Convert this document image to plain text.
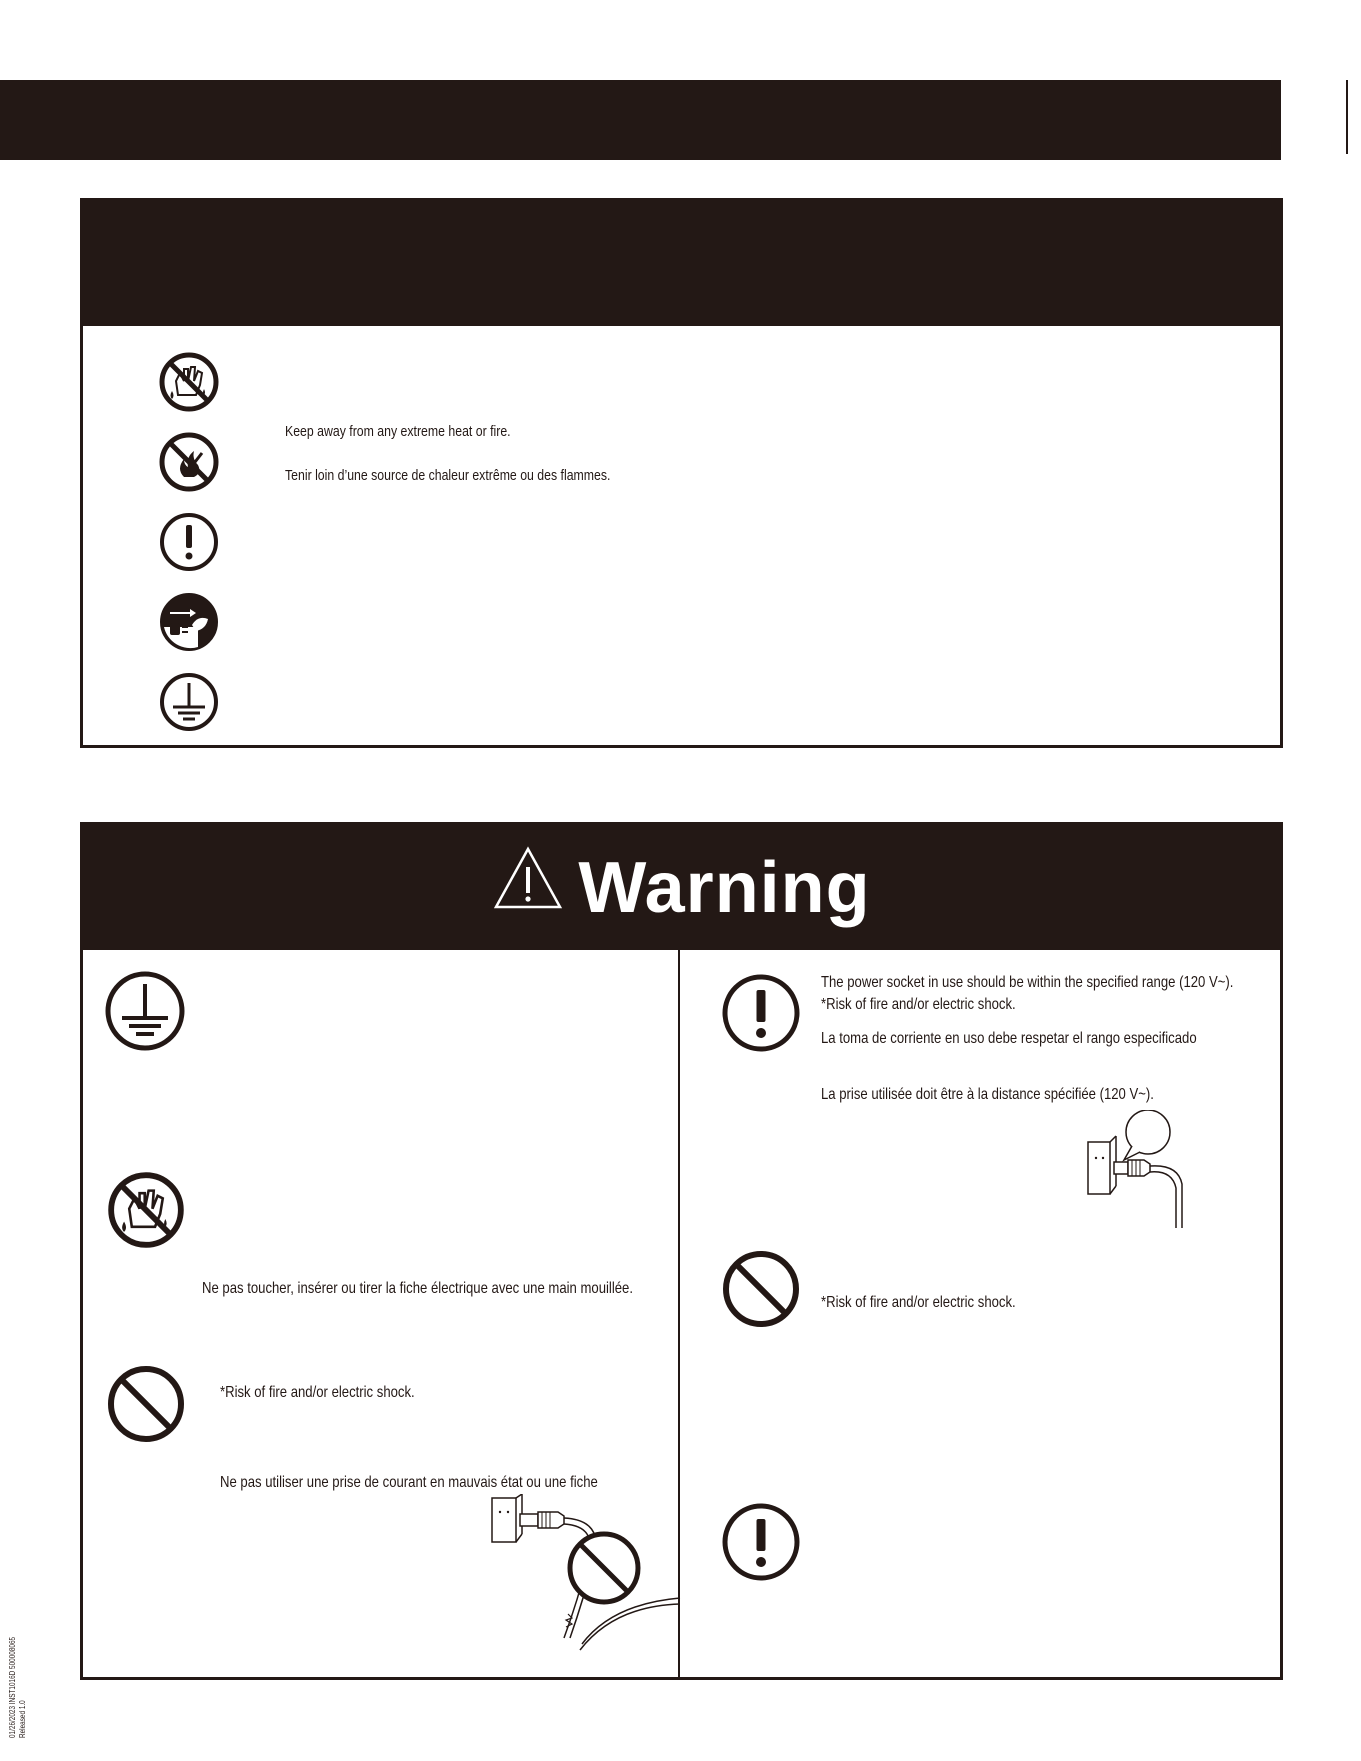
Keep away from any extreme heat or fire.
Tenir loin d’une source de chaleur extrême ou des flammes.
Warning
Ne pas toucher, insérer ou tirer la fiche électrique avec une main mouillée.
*Risk of fire and/or electric shock.
Ne pas utiliser une prise de courant en mauvais état ou une fiche
The power socket in use should be within the specified range (120 V~).
*Risk of fire and/or electric shock.
La toma de corriente en uso debe respetar el rango especificado
La prise utilisée doit être à la distance spécifiée (120 V~).
*Risk of fire and/or electric shock.
01/26/2023 INST1016D 500008065 Released 1.0
